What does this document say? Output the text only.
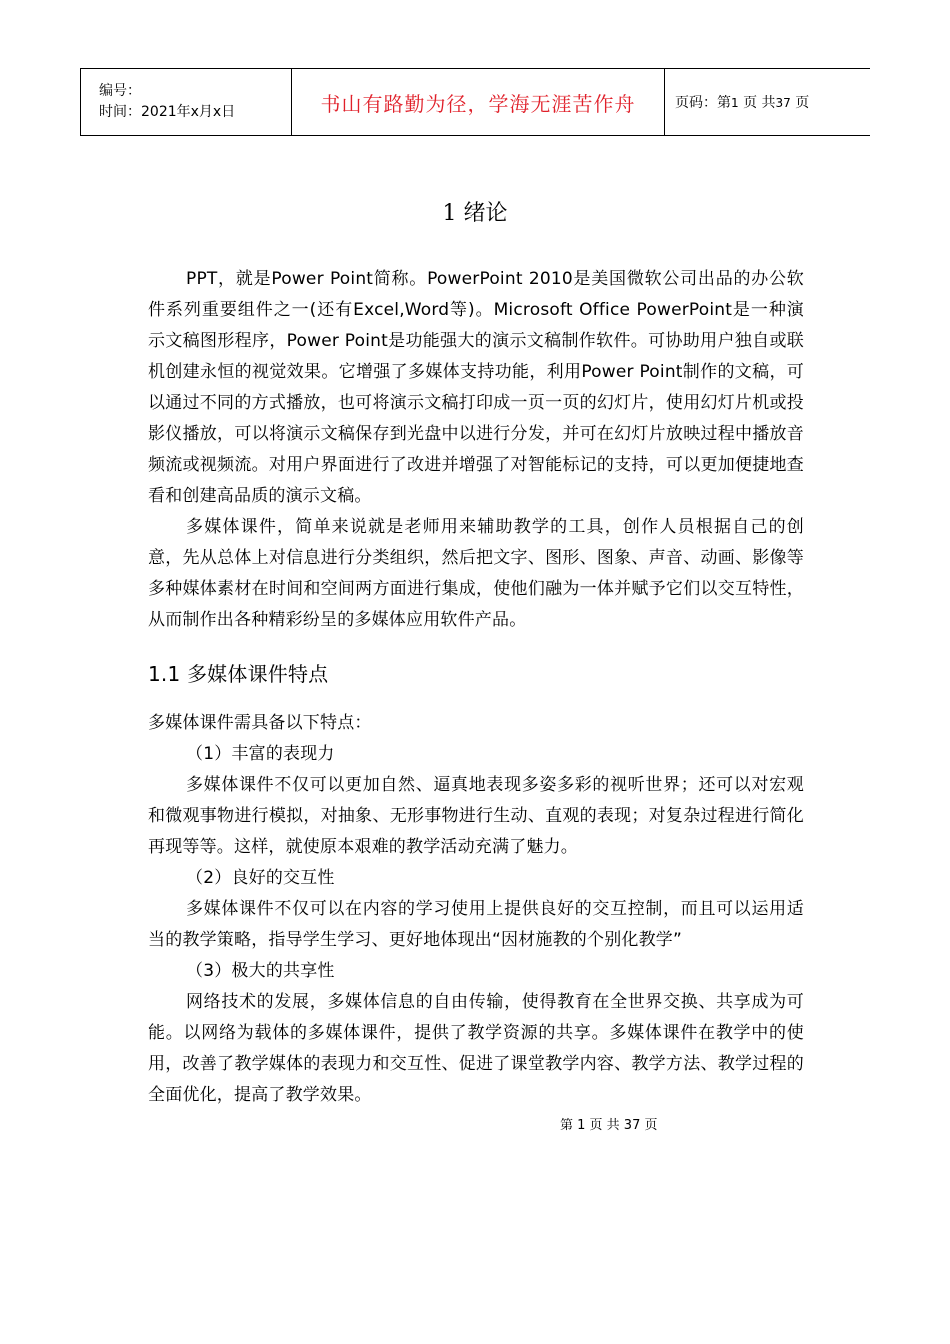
编号：
时间：2021年x月x日	书山有路勤为径，学海无涯苦作舟	页码：第1 页 共37 页
1 绪论

PPT，就是Power Point简称。PowerPoint 2010是美国微软公司出品的办公软件系列重要组件之一(还有Excel,Word等)。Microsoft Office PowerPoint是一种演示文稿图形程序，Power Point是功能强大的演示文稿制作软件。可协助用户独自或联机创建永恒的视觉效果。它增强了多媒体支持功能，利用Power Point制作的文稿，可以通过不同的方式播放，也可将演示文稿打印成一页一页的幻灯片，使用幻灯片机或投影仪播放，可以将演示文稿保存到光盘中以进行分发，并可在幻灯片放映过程中播放音频流或视频流。对用户界面进行了改进并增强了对智能标记的支持，可以更加便捷地查看和创建高品质的演示文稿。

多媒体课件，简单来说就是老师用来辅助教学的工具，创作人员根据自己的创意，先从总体上对信息进行分类组织，然后把文字、图形、图象、声音、动画、影像等多种媒体素材在时间和空间两方面进行集成，使他们融为一体并赋予它们以交互特性，从而制作出各种精彩纷呈的多媒体应用软件产品。

1.1 多媒体课件特点

多媒体课件需具备以下特点：

（1）丰富的表现力

多媒体课件不仅可以更加自然、逼真地表现多姿多彩的视听世界；还可以对宏观和微观事物进行模拟，对抽象、无形事物进行生动、直观的表现；对复杂过程进行简化再现等等。这样，就使原本艰难的教学活动充满了魅力。

（2）良好的交互性

多媒体课件不仅可以在内容的学习使用上提供良好的交互控制，而且可以运用适当的教学策略，指导学生学习、更好地体现出“因材施教的个别化教学”

（3）极大的共享性

网络技术的发展，多媒体信息的自由传输，使得教育在全世界交换、共享成为可能。以网络为载体的多媒体课件，提供了教学资源的共享。多媒体课件在教学中的使用，改善了教学媒体的表现力和交互性、促进了课堂教学内容、教学方法、教学过程的全面优化，提高了教学效果。

第 1 页 共 37 页
